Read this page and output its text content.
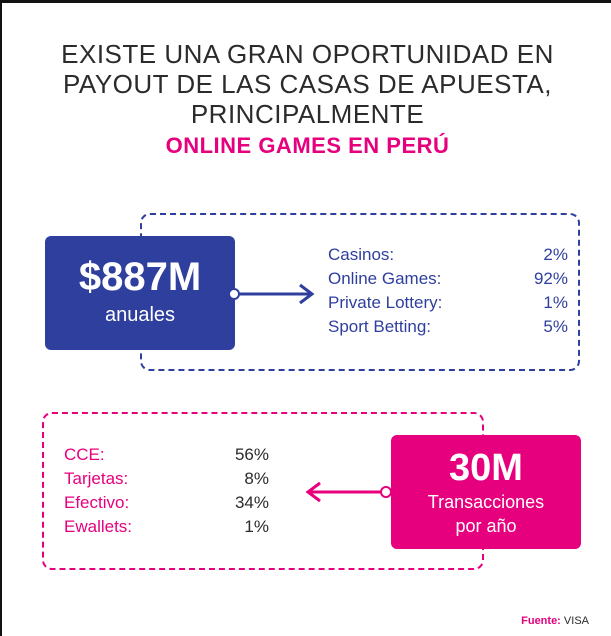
EXISTE UNA GRAN OPORTUNIDAD EN
PAYOUT DE LAS CASAS DE APUESTA,
PRINCIPALMENTE
ONLINE GAMES EN PERÚ
$887M
anuales
Casinos:	2%
Online Games:	92%
Private Lottery:	1%
Sport Betting:	5%
CCE:	56%
Tarjetas:	8%
Efectivo:	34%
Ewallets:	1%
30M
Transacciones
por año
Fuente: VISA
